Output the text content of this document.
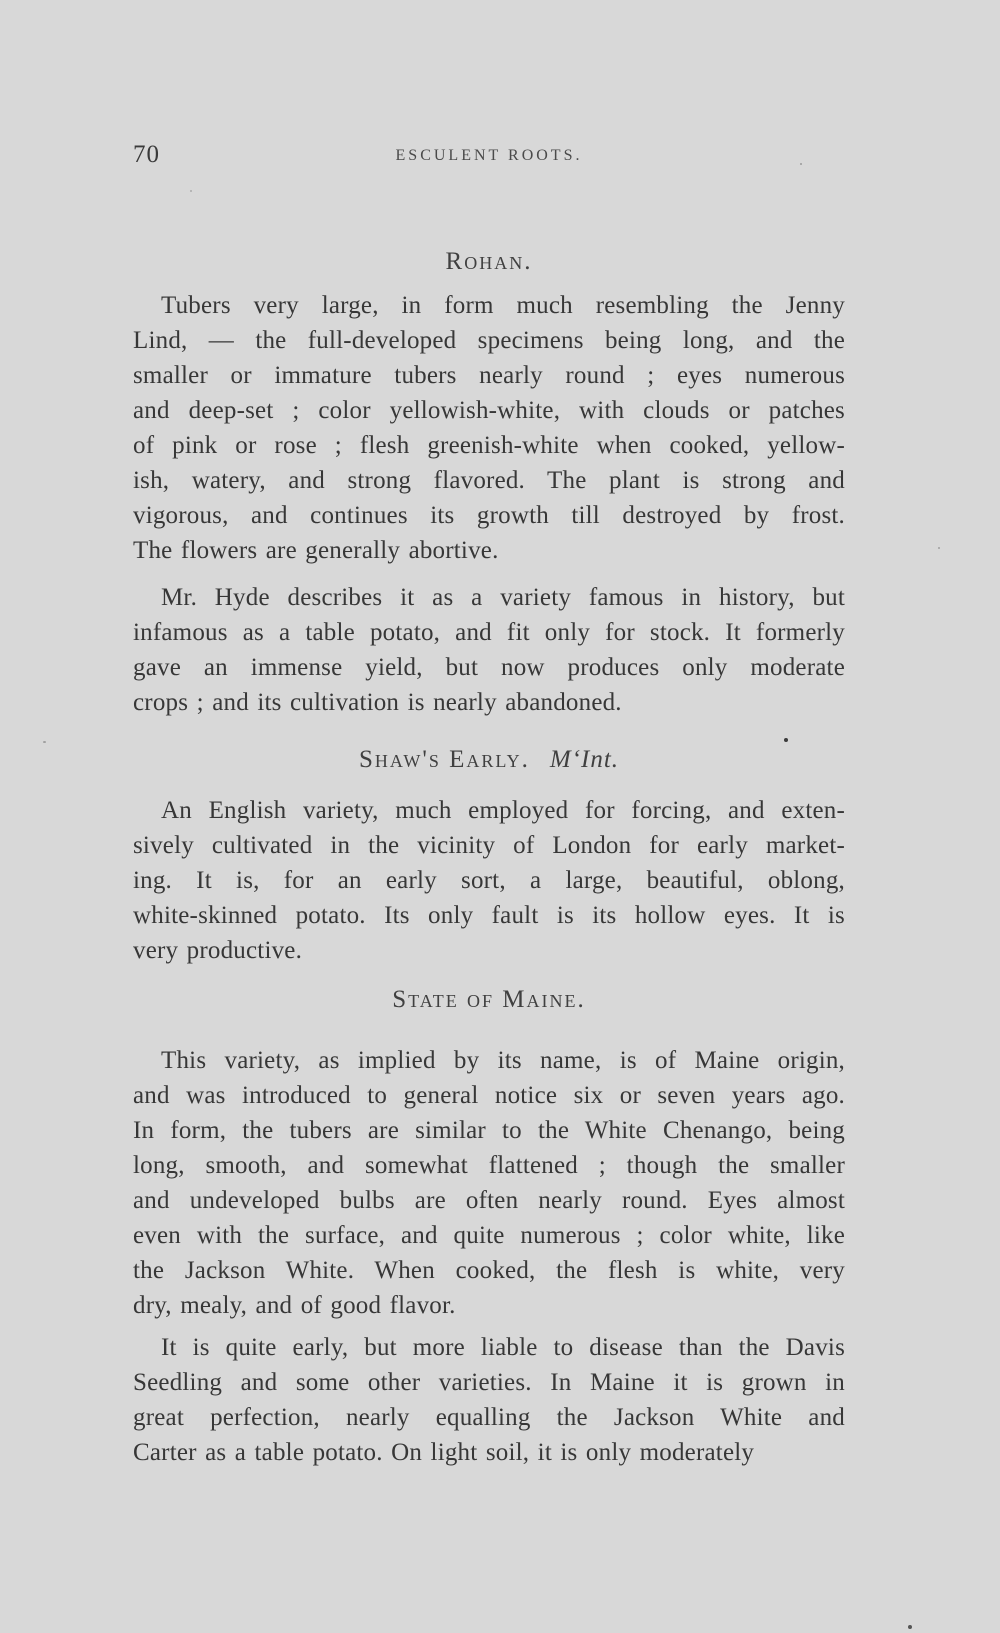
70	ESCULENT ROOTS.
Rohan.
Tubers very large, in form much resembling the Jenny
Lind, — the full-developed specimens being long, and the
smaller or immature tubers nearly round ; eyes numerous
and deep-set ; color yellowish-white, with clouds or patches
of pink or rose ; flesh greenish-white when cooked, yellow-
ish, watery, and strong flavored. The plant is strong and
vigorous, and continues its growth till destroyed by frost.
The flowers are generally abortive.
Mr. Hyde describes it as a variety famous in history, but
infamous as a table potato, and fit only for stock. It formerly
gave an immense yield, but now produces only moderate
crops ; and its cultivation is nearly abandoned.
Shaw's Early. M‘Int.
An English variety, much employed for forcing, and exten-
sively cultivated in the vicinity of London for early market-
ing. It is, for an early sort, a large, beautiful, oblong,
white-skinned potato. Its only fault is its hollow eyes. It is
very productive.
State of Maine.
This variety, as implied by its name, is of Maine origin,
and was introduced to general notice six or seven years ago.
In form, the tubers are similar to the White Chenango, being
long, smooth, and somewhat flattened ; though the smaller
and undeveloped bulbs are often nearly round. Eyes almost
even with the surface, and quite numerous ; color white, like
the Jackson White. When cooked, the flesh is white, very
dry, mealy, and of good flavor.
It is quite early, but more liable to disease than the Davis
Seedling and some other varieties. In Maine it is grown in
great perfection, nearly equalling the Jackson White and
Carter as a table potato. On light soil, it is only moderately
